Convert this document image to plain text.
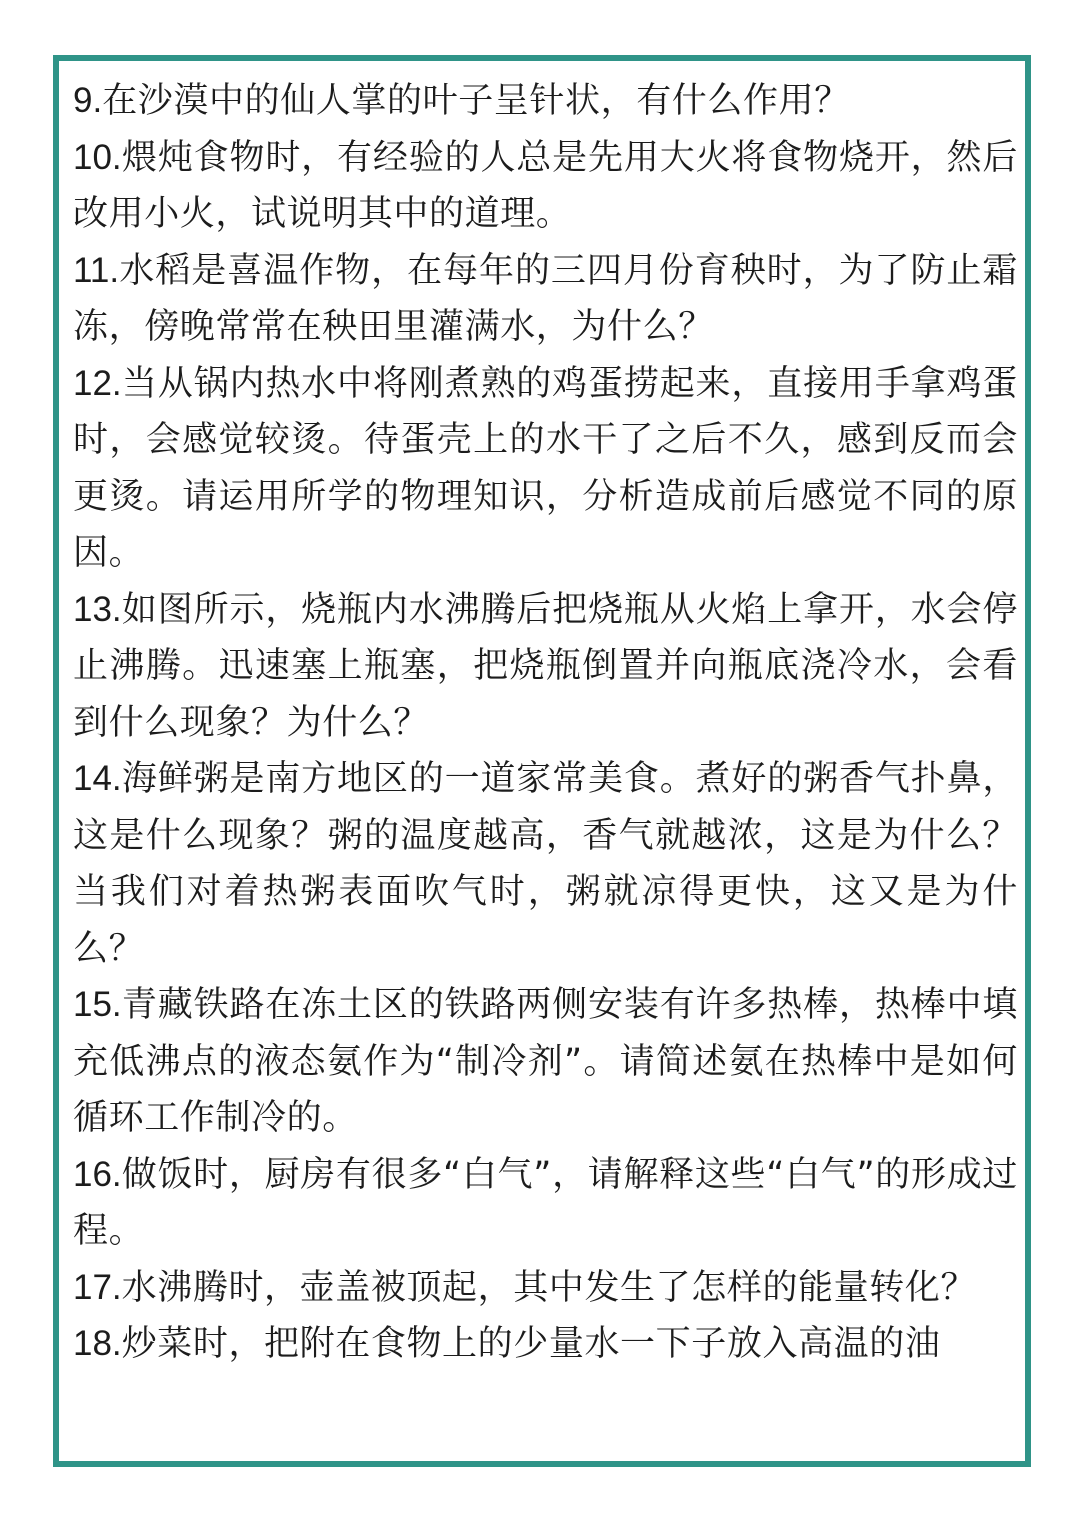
9.在沙漠中的仙人掌的叶子呈针状，有什么作用？

10.煨炖食物时，有经验的人总是先用大火将食物烧开，然后改用小火，试说明其中的道理。

11.水稻是喜温作物，在每年的三四月份育秧时，为了防止霜冻，傍晚常常在秧田里灌满水，为什么？

12.当从锅内热水中将刚煮熟的鸡蛋捞起来，直接用手拿鸡蛋时，会感觉较烫。待蛋壳上的水干了之后不久，感到反而会更烫。请运用所学的物理知识，分析造成前后感觉不同的原因。

13.如图所示，烧瓶内水沸腾后把烧瓶从火焰上拿开，水会停止沸腾。迅速塞上瓶塞，把烧瓶倒置并向瓶底浇冷水，会看到什么现象？为什么？

14.海鲜粥是南方地区的一道家常美食。煮好的粥香气扑鼻，这是什么现象？粥的温度越高，香气就越浓，这是为什么？当我们对着热粥表面吹气时，粥就凉得更快，这又是为什么？

15.青藏铁路在冻土区的铁路两侧安装有许多热棒，热棒中填充低沸点的液态氨作为“制冷剂”。请简述氨在热棒中是如何循环工作制冷的。

16.做饭时，厨房有很多“白气”，请解释这些“白气”的形成过程。

17.水沸腾时，壶盖被顶起，其中发生了怎样的能量转化？

18.炒菜时，把附在食物上的少量水一下子放入高温的油
